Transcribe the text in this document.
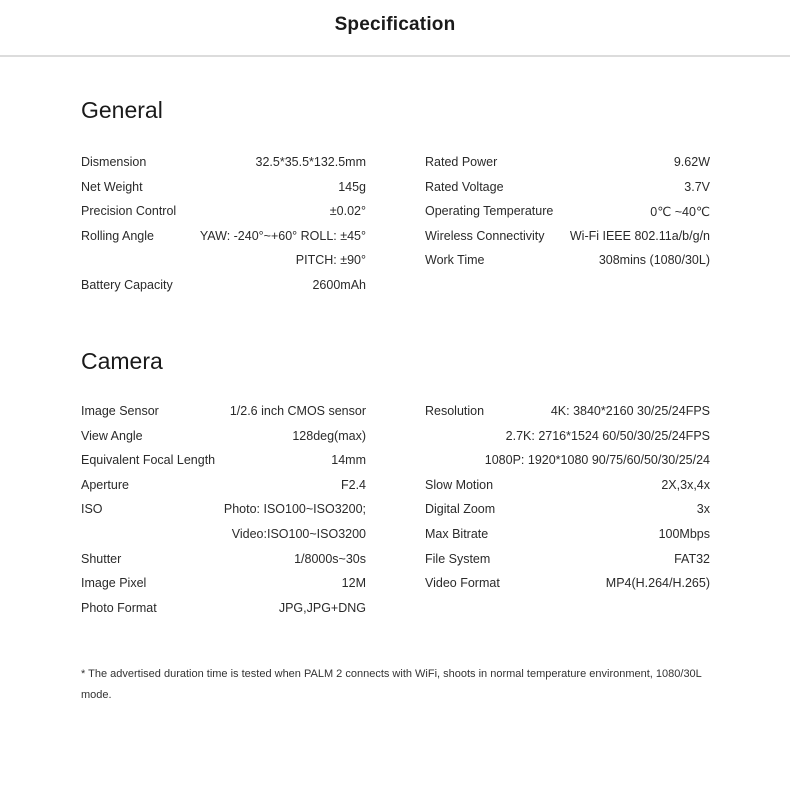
Specification
General
Dismension	32.5*35.5*132.5mm
Net Weight	145g
Precision Control	±0.02°
Rolling Angle	YAW: -240°~+60° ROLL: ±45°
PITCH: ±90°
Battery Capacity	2600mAh
Rated Power	9.62W
Rated Voltage	3.7V
Operating Temperature	0℃ ~40℃
Wireless Connectivity Wi-Fi IEEE 802.11a/b/g/n
Work Time	308mins (1080/30L)
Camera
Image Sensor	1/2.6 inch CMOS sensor
View Angle	128deg(max)
Equivalent Focal Length	14mm
Aperture	F2.4
ISO	Photo: ISO100~ISO3200;
Video:ISO100~ISO3200
Shutter	1/8000s~30s
Image Pixel	12M
Photo Format	JPG,JPG+DNG
Resolution	4K: 3840*2160 30/25/24FPS
2.7K: 2716*1524 60/50/30/25/24FPS
1080P: 1920*1080 90/75/60/50/30/25/24
Slow Motion	2X,3x,4x
Digital Zoom	3x
Max Bitrate	100Mbps
File System	FAT32
Video Format	MP4(H.264/H.265)
* The advertised duration time is tested when PALM 2 connects with WiFi, shoots in normal temperature environment, 1080/30L mode.
